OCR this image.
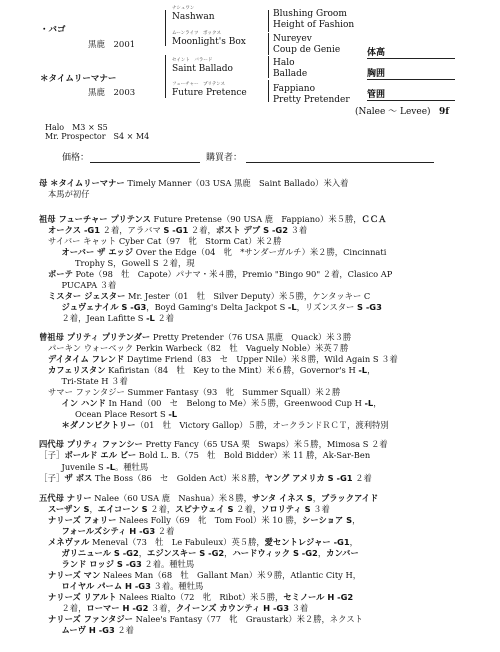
・バゴ
黒鹿　2001
＊タイムリーマナー
黒鹿　2003
ナシュワン
Nashwan
ムーンライツ　ボックス
Moonlight's Box
セイント　バラード
Saint Ballado
フューチャー　プリテンス
Future Pretence
Blushing Groom
Height of Fashion
Nureyev
Coup de Genie
Halo
Ballade
Fappiano
Pretty Pretender
体高
胸囲
管囲
(Nalee ～ Levee) 9f
Halo　M3 × S5
Mr. Prospector　S4 × M4
価格：	購買者：
母 ＊タイムリーマナー Timely Manner（03 USA 黒鹿　Saint Ballado）米入着
本馬が初仔
祖母 フューチャー プリテンス Future Pretense（90 USA 鹿　Fappiano）米５勝，ＣＣＡ
オークス -G1 ２着，アラバマ S -G1 ２着，ボスト デブ S -G2 ３着
サイバー キャット Cyber Cat（97　牝　Storm Cat）米２勝
オーバー ザ エッジ Over the Edge（04　牝　*サンダーガルチ）米２勝，Cincinnati
Trophy S，Gowell S ２着，現
ポーテ Pote（98　牡　Capote）パナマ・米４勝，Premio "Bingo 90" ２着，Clasico AP
PUCAPA ３着
ミスター ジェスター Mr. Jester（01　牡　Silver Deputy）米５勝，ケンタッキー C
ジュヴェナイル S -G3，Boyd Gaming's Delta Jackpot S -L，リズンスター S -G3
２着，Jean Lafitte S -L ２着
曾祖母 プリティ プリテンダー Pretty Pretender（76 USA 黒鹿　Quack）米３勝
パーキン ウォーベック Perkin Warbeck（82　牡　Vaguely Noble）米英７勝
デイタイム フレンド Daytime Friend（83　セ　Upper Nile）米８勝，Wild Again S ３着
カフェリスタン Kafiristan（84　牡　Key to the Mint）米６勝，Governor's H -L，
Tri-State H ３着
サマー ファンタジー Summer Fantasy（93　牝　Summer Squall）米２勝
イン ハンド In Hand（00　セ　Belong to Me）米５勝，Greenwood Cup H -L，
Ocean Place Resort S -L
＊ダノンビクトリー（01　牡　Victory Gallop）５勝，オークランドＲＣＴ，渡利特別
四代母 プリティ ファンシー Pretty Fancy（65 USA 栗　Swaps）米５勝，Mimosa S ２着
［子］ボールド エル ビー Bold L. B.（75　牡　Bold Bidder）米 11 勝，Ak-Sar-Ben
Juvenile S -L。種牡馬
［子］ザ ボス The Boss（86　セ　Golden Act）米８勝，ヤング アメリカ S -G1 ２着
五代母 ナリー Nalee（60 USA 鹿　Nashua）米８勝，サンタ イネス S，ブラックアイド
スーザン S，エイコーン S ２着，スピナウェイ S ２着，ソロリティ S ３着
ナリーズ フォリー Nalees Folly（69　牝　Tom Fool）米 10 勝，シーショア S，
フォールズシティ H -G3 ２着
メネヴァル Meneval（73　牡　Le Fabuleux）英５勝，愛セントレジャー -G1，
ガリニュール S -G2，エジンスキー S -G2，ハードウィック S -G2，カンバー
ランド ロッジ S -G3 ２着。種牡馬
ナリーズ マン Nalees Man（68　牡　Gallant Man）米９勝，Atlantic City H，
ロイヤル パーム H -G3 ３着。種牡馬
ナリーズ リアルト Nalees Rialto（72　牝　Ribot）米５勝，セミノール H -G2
２着，ローマー H -G2 ３着，クイーンズ カウンティ H -G3 ３着
ナリーズ ファンタジー Nalee's Fantasy（77　牝　Graustark）米２勝，ネクスト
ムーヴ H -G3 ２着
